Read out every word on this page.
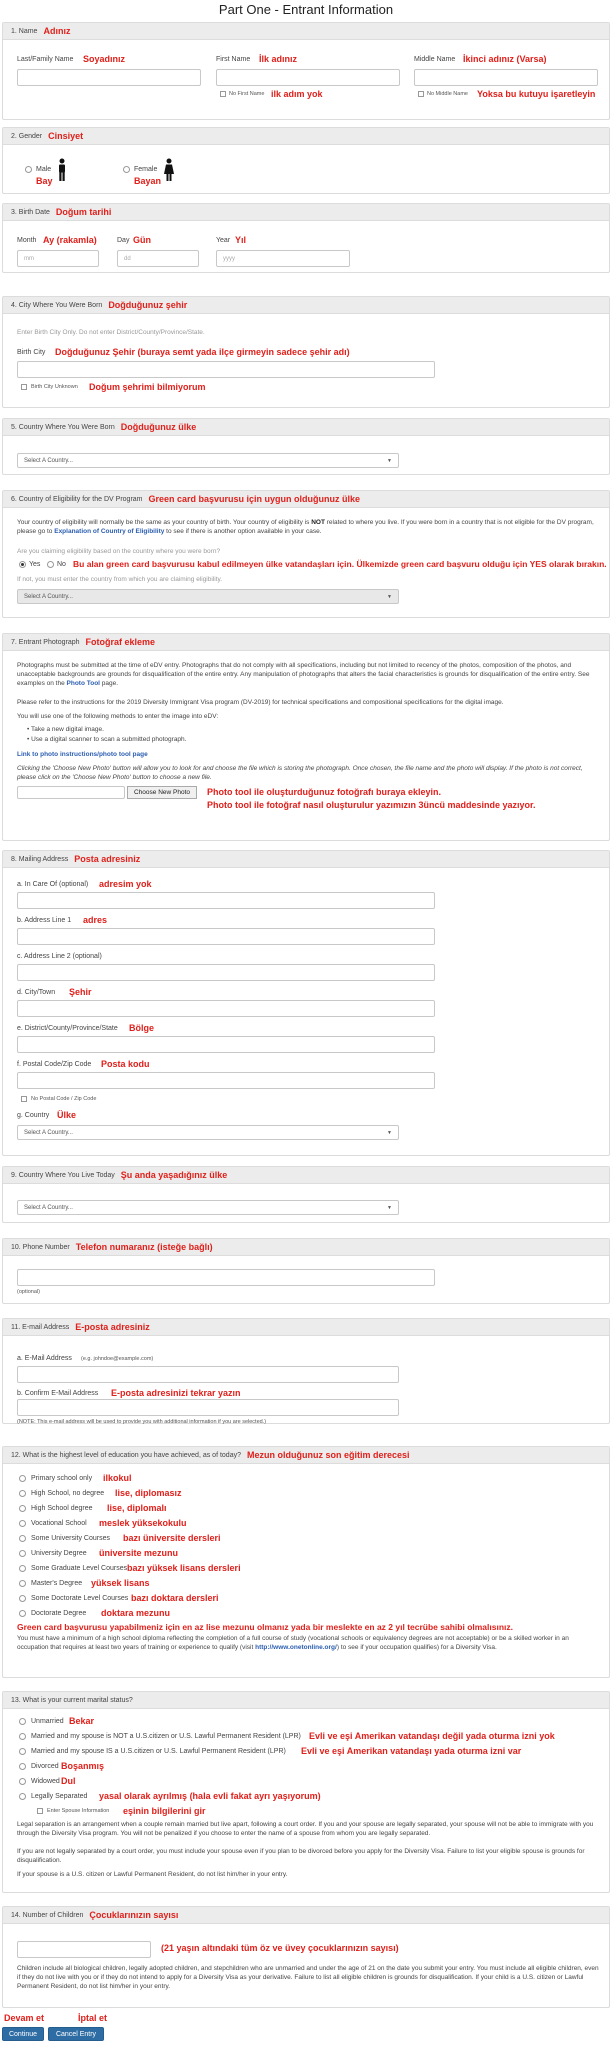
Part One - Entrant Information
1. Name Adınız
Last/Family Name Soyadınız	First Name İlk adınız	Middle Name İkinci adınız (Varsa)
No First Name ilk adım yok	No Middle Name Yoksa bu kutuyu işaretleyin
2. Gender Cinsiyet
Male
Bay
Female
Bayan
3. Birth Date Doğum tarihi
Month Ay (rakamla)
mm
Day Gün
dd
Year Yıl
yyyy
4. City Where You Were Born Doğduğunuz şehir
Enter Birth City Only. Do not enter District/County/Province/State.
Birth City Doğduğunuz Şehir (buraya semt yada ilçe girmeyin sadece şehir adı)
Birth City Unknown Doğum şehrimi bilmiyorum
5. Country Where You Were Born Doğduğunuz ülke
Select A Country...	▼
6. Country of Eligibility for the DV Program Green card başvurusu için uygun olduğunuz ülke
Your country of eligibility will normally be the same as your country of birth. Your country of eligibility is NOT related to where you live. If you were born in a country that is not eligible for the DV program, please go to Explanation of Country of Eligibility to see if there is another option available in your case.
Are you claiming eligibility based on the country where you were born?
Yes No Bu alan green card başvurusu kabul edilmeyen ülke vatandaşları için. Ülkemizde green card başvuru olduğu için YES olarak bırakın.
If not, you must enter the country from which you are claiming eligibility.
Select A Country...	▼
7. Entrant Photograph Fotoğraf ekleme
Photographs must be submitted at the time of eDV entry. Photographs that do not comply with all specifications, including but not limited to recency of the photos, composition of the photos, and unacceptable backgrounds are grounds for disqualification of the entire entry. Any manipulation of photographs that alters the facial characteristics is grounds for disqualification of the entire entry. See examples on the Photo Tool page.
Please refer to the instructions for the 2019 Diversity Immigrant Visa program (DV-2019) for technical specifications and compositional specifications for the digital image.
You will use one of the following methods to enter the image into eDV:
• Take a new digital image.
• Use a digital scanner to scan a submitted photograph.
Link to photo instructions/photo tool page
Clicking the 'Choose New Photo' button will allow you to look for and choose the file which is storing the photograph. Once chosen, the file name and the photo will display. If the photo is not correct, please click on the 'Choose New Photo' button to choose a new file.
Choose New Photo	Photo tool ile oluşturduğunuz fotoğrafı buraya ekleyin.
Photo tool ile fotoğraf nasıl oluşturulur yazımızın 3üncü maddesinde yazıyor.
8. Mailing Address Posta adresiniz
a. In Care Of (optional) adresim yok
b. Address Line 1 adres
c. Address Line 2 (optional)
d. City/Town Şehir
e. District/County/Province/State Bölge
f. Postal Code/Zip Code Posta kodu
No Postal Code / Zip Code
g. Country Ülke
Select A Country...	▼
9. Country Where You Live Today Şu anda yaşadığınız ülke
Select A Country...	▼
10. Phone Number Telefon numaranız (isteğe bağlı)
(optional)
11. E-mail Address E-posta adresiniz
a. E-Mail Address (e.g. johndoe@example.com)
b. Confirm E-Mail Address E-posta adresinizi tekrar yazın
(NOTE: This e-mail address will be used to provide you with additional information if you are selected.)
12. What is the highest level of education you have achieved, as of today? Mezun olduğunuz son eğitim derecesi
Primary school only ilkokul
High School, no degree lise, diplomasız
High School degree lise, diplomalı
Vocational School meslek yüksekokulu
Some University Courses bazı üniversite dersleri
University Degree üniversite mezunu
Some Graduate Level Courses bazı yüksek lisans dersleri
Master's Degree yüksek lisans
Some Doctorate Level Courses bazı doktara dersleri
Doctorate Degree doktara mezunu
Green card başvurusu yapabilmeniz için en az lise mezunu olmanız yada bir meslekte en az 2 yıl tecrübe sahibi olmalısınız.
You must have a minimum of a high school diploma reflecting the completion of a full course of study (vocational schools or equivalency degrees are not acceptable) or be a skilled worker in an occupation that requires at least two years of training or experience to qualify (visit http://www.onetonline.org/) to see if your occupation qualifies) for a Diversity Visa.
13. What is your current marital status?
Unmarried Bekar
Married and my spouse is NOT a U.S.citizen or U.S. Lawful Permanent Resident (LPR) Evli ve eşi Amerikan vatandaşı değil yada oturma izni yok
Married and my spouse IS a U.S.citizen or U.S. Lawful Permanent Resident (LPR) Evli ve eşi Amerikan vatandaşı yada oturma izni var
Divorced Boşanmış
Widowed Dul
Legally Separated yasal olarak ayrılmış (hala evli fakat ayrı yaşıyorum)
Enter Spouse Information eşinin bilgilerini gir
Legal separation is an arrangement when a couple remain married but live apart, following a court order. If you and your spouse are legally separated, your spouse will not be able to immigrate with you through the Diversity Visa program. You will not be penalized if you choose to enter the name of a spouse from whom you are legally separated.
If you are not legally separated by a court order, you must include your spouse even if you plan to be divorced before you apply for the Diversity Visa. Failure to list your eligible spouse is grounds for disqualification.
If your spouse is a U.S. citizen or Lawful Permanent Resident, do not list him/her in your entry.
14. Number of Children Çocuklarınızın sayısı
(21 yaşın altındaki tüm öz ve üvey çocuklarınızın sayısı)
Children include all biological children, legally adopted children, and stepchildren who are unmarried and under the age of 21 on the date you submit your entry. You must include all eligible children, even if they do not live with you or if they do not intend to apply for a Diversity Visa as your derivative. Failure to list all eligible children is grounds for disqualification. If your child is a U.S. citizen or Lawful Permanent Resident, do not list him/her in your entry.
Devam et	İptal et
Continue	Cancel Entry
